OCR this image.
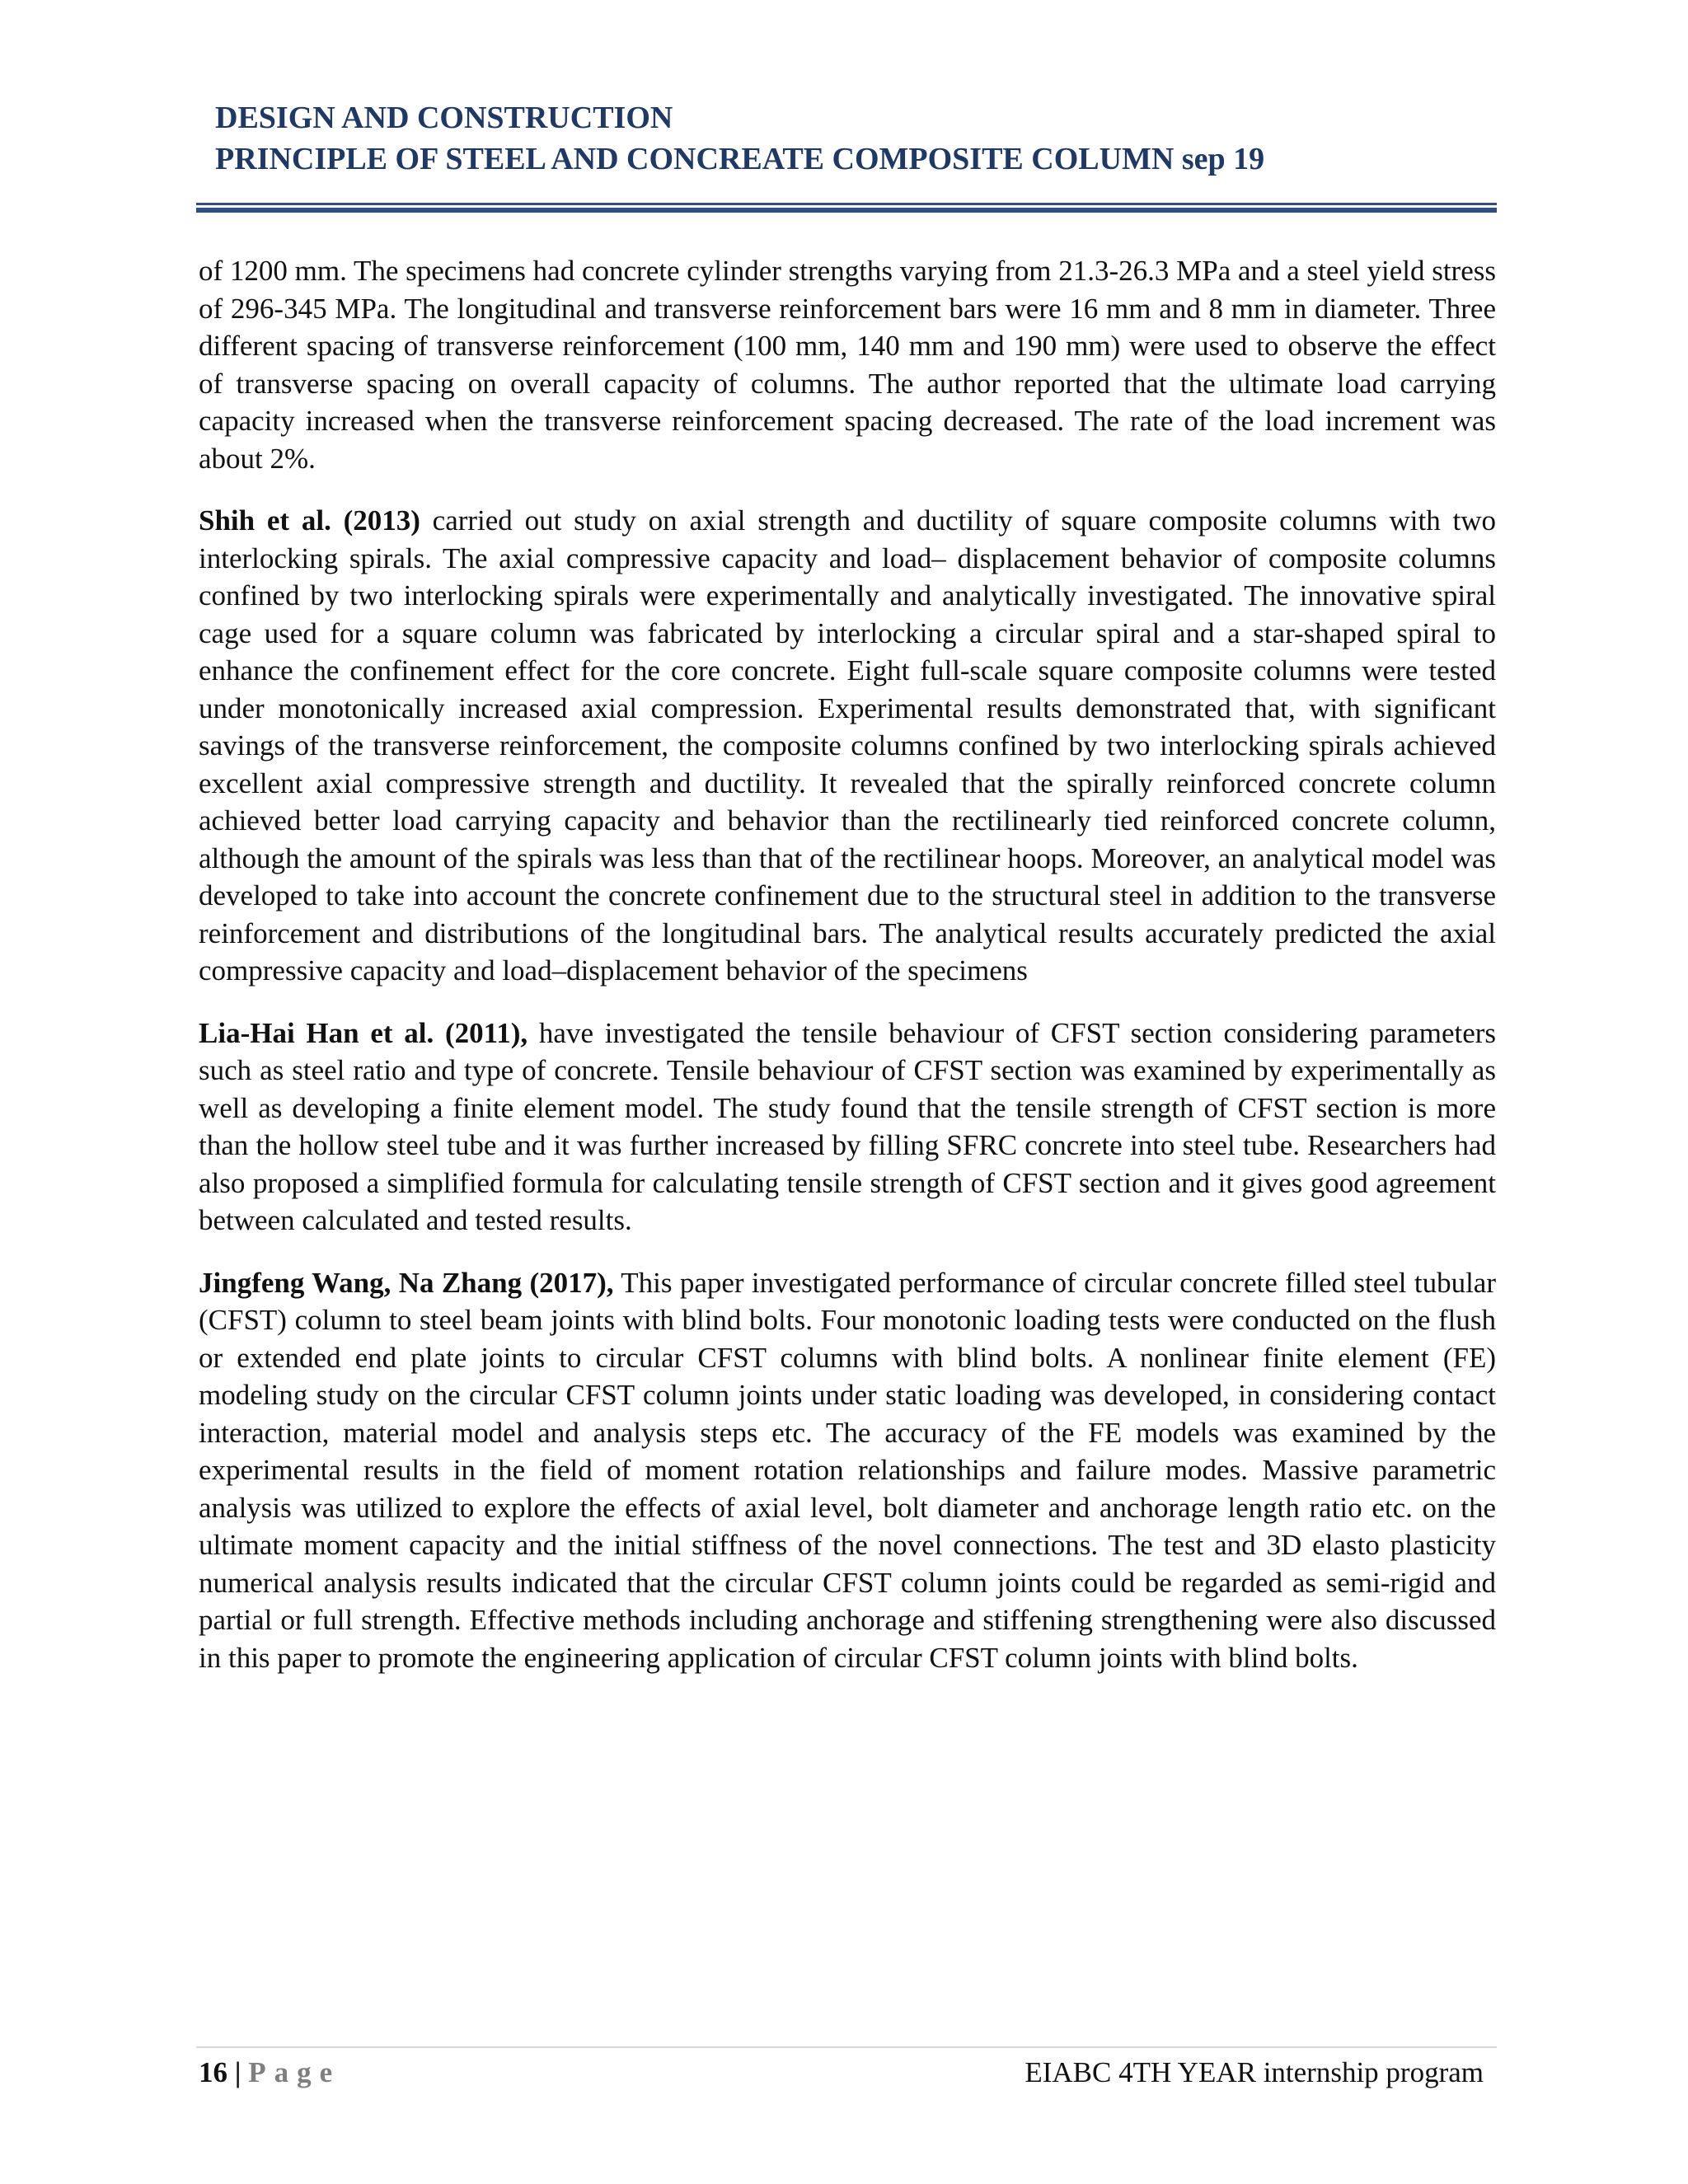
DESIGN AND CONSTRUCTION
PRINCIPLE OF STEEL AND CONCREATE COMPOSITE COLUMN sep 19

of 1200 mm. The specimens had concrete cylinder strengths varying from 21.3-26.3 MPa and a steel yield stress of 296-345 MPa. The longitudinal and transverse reinforcement bars were 16 mm and 8 mm in diameter. Three different spacing of transverse reinforcement (100 mm, 140 mm and 190 mm) were used to observe the effect of transverse spacing on overall capacity of columns. The author reported that the ultimate load carrying capacity increased when the transverse reinforcement spacing decreased. The rate of the load increment was about 2%.

Shih et al. (2013) carried out study on axial strength and ductility of square composite columns with two interlocking spirals. The axial compressive capacity and load– displacement behavior of composite columns confined by two interlocking spirals were experimentally and analytically investigated. The innovative spiral cage used for a square column was fabricated by interlocking a circular spiral and a star-shaped spiral to enhance the confinement effect for the core concrete. Eight full-scale square composite columns were tested under monotonically increased axial compression. Experimental results demonstrated that, with significant savings of the transverse reinforcement, the composite columns confined by two interlocking spirals achieved excellent axial compressive strength and ductility. It revealed that the spirally reinforced concrete column achieved better load carrying capacity and behavior than the rectilinearly tied reinforced concrete column, although the amount of the spirals was less than that of the rectilinear hoops. Moreover, an analytical model was developed to take into account the concrete confinement due to the structural steel in addition to the transverse reinforcement and distributions of the longitudinal bars. The analytical results accurately predicted the axial compressive capacity and load–displacement behavior of the specimens

Lia-Hai Han et al. (2011), have investigated the tensile behaviour of CFST section considering parameters such as steel ratio and type of concrete. Tensile behaviour of CFST section was examined by experimentally as well as developing a finite element model. The study found that the tensile strength of CFST section is more than the hollow steel tube and it was further increased by filling SFRC concrete into steel tube. Researchers had also proposed a simplified formula for calculating tensile strength of CFST section and it gives good agreement between calculated and tested results.

Jingfeng Wang, Na Zhang (2017), This paper investigated performance of circular concrete filled steel tubular (CFST) column to steel beam joints with blind bolts. Four monotonic loading tests were conducted on the flush or extended end plate joints to circular CFST columns with blind bolts. A nonlinear finite element (FE) modeling study on the circular CFST column joints under static loading was developed, in considering contact interaction, material model and analysis steps etc. The accuracy of the FE models was examined by the experimental results in the field of moment rotation relationships and failure modes. Massive parametric analysis was utilized to explore the effects of axial level, bolt diameter and anchorage length ratio etc. on the ultimate moment capacity and the initial stiffness of the novel connections. The test and 3D elasto plasticity numerical analysis results indicated that the circular CFST column joints could be regarded as semi-rigid and partial or full strength. Effective methods including anchorage and stiffening strengthening were also discussed in this paper to promote the engineering application of circular CFST column joints with blind bolts.

16 | Page	EIABC 4TH YEAR internship program
